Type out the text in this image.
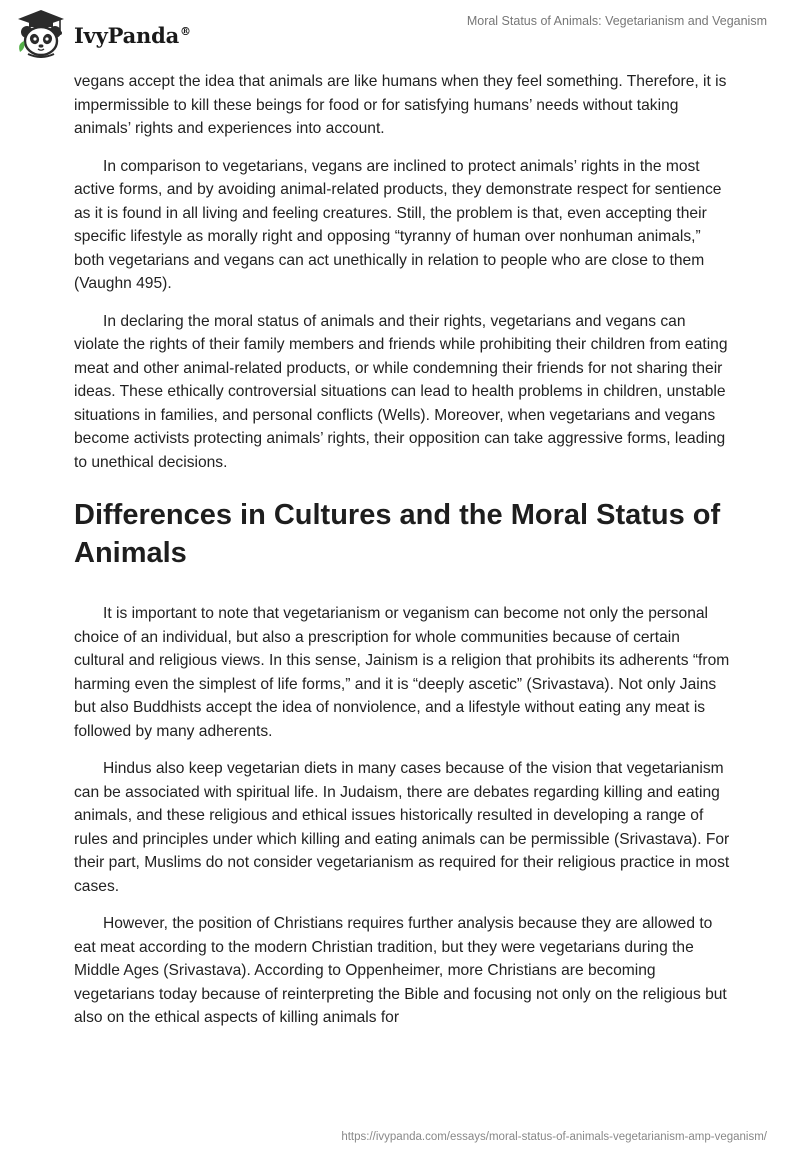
IvyPanda®
Moral Status of Animals: Vegetarianism and Veganism

vegans accept the idea that animals are like humans when they feel something. Therefore, it is impermissible to kill these beings for food or for satisfying humans’ needs without taking animals’ rights and experiences into account.

In comparison to vegetarians, vegans are inclined to protect animals’ rights in the most active forms, and by avoiding animal-related products, they demonstrate respect for sentience as it is found in all living and feeling creatures. Still, the problem is that, even accepting their specific lifestyle as morally right and opposing “tyranny of human over nonhuman animals,” both vegetarians and vegans can act unethically in relation to people who are close to them (Vaughn 495).

In declaring the moral status of animals and their rights, vegetarians and vegans can violate the rights of their family members and friends while prohibiting their children from eating meat and other animal-related products, or while condemning their friends for not sharing their ideas. These ethically controversial situations can lead to health problems in children, unstable situations in families, and personal conflicts (Wells). Moreover, when vegetarians and vegans become activists protecting animals’ rights, their opposition can take aggressive forms, leading to unethical decisions.

Differences in Cultures and the Moral Status of Animals

It is important to note that vegetarianism or veganism can become not only the personal choice of an individual, but also a prescription for whole communities because of certain cultural and religious views. In this sense, Jainism is a religion that prohibits its adherents “from harming even the simplest of life forms,” and it is “deeply ascetic” (Srivastava). Not only Jains but also Buddhists accept the idea of nonviolence, and a lifestyle without eating any meat is followed by many adherents.

Hindus also keep vegetarian diets in many cases because of the vision that vegetarianism can be associated with spiritual life. In Judaism, there are debates regarding killing and eating animals, and these religious and ethical issues historically resulted in developing a range of rules and principles under which killing and eating animals can be permissible (Srivastava). For their part, Muslims do not consider vegetarianism as required for their religious practice in most cases.

However, the position of Christians requires further analysis because they are allowed to eat meat according to the modern Christian tradition, but they were vegetarians during the Middle Ages (Srivastava). According to Oppenheimer, more Christians are becoming vegetarians today because of reinterpreting the Bible and focusing not only on the religious but also on the ethical aspects of killing animals for

https://ivypanda.com/essays/moral-status-of-animals-vegetarianism-amp-veganism/
